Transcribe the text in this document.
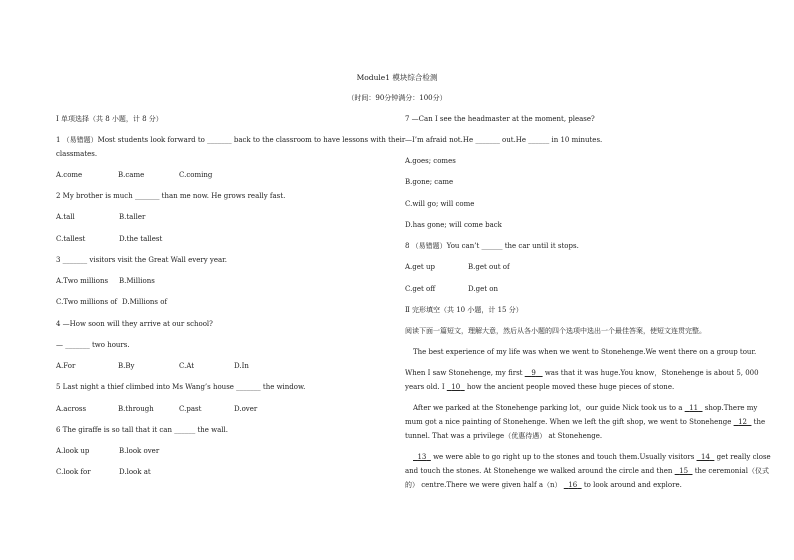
Module1 模块综合检测
（时间：90分钟满分：100分）
Ⅰ 单项选择（共 8 小题，计 8 分）
1 （易错题）Most students look forward to _______ back to the classroom to have lessons with their
classmates.
A.come	B.came	C.coming
2 My brother is much _______ than me now. He grows really fast.
A.tall	B.taller
C.tallest	D.the tallest
3 _______ visitors visit the Great Wall every year.
A.Two millions B.Millions
C.Two millions of D.Millions of
4 —How soon will they arrive at our school?
— _______ two hours.
A.For	B.By	C.At	D.In
5 Last night a thief climbed into Ms Wang’s house _______ the window.
A.across	B.through	C.past	D.over
6 The giraffe is so tall that it can ______ the wall.
A.look up	B.look over
C.look for	D.look at
7 —Can I see the headmaster at the moment, please?
—I’m afraid not.He _______ out.He ______ in 10 minutes.
A.goes; comes
B.gone; came
C.will go; will come
D.has gone; will come back
8 （易错题）You can’t ______ the car until it stops.
A.get up	B.get out of
C.get off	D.get on
Ⅱ 完形填空（共 10 小题，计 15 分）
阅读下面一篇短文，理解大意，然后从各小题的四个选项中选出一个最佳答案，使短文连贯完整。
The best experience of my life was when we went to Stonehenge.We went there on a group tour.
When I saw Stonehenge, my first 9 was that it was huge.You know，Stonehenge is about 5, 000
years old. I 10 how the ancient people moved these huge pieces of stone.
After we parked at the Stonehenge parking lot，our guide Nick took us to a 11 shop.There my
mum got a nice painting of Stonehenge. When we left the gift shop, we went to Stonehenge 12 the
tunnel. That was a privilege（优惠待遇） at Stonehenge.
13 we were able to go right up to the stones and touch them.Usually visitors 14 get really close
and touch the stones. At Stonehenge we walked around the circle and then 15 the ceremonial（仪式
的） centre.There we were given half a（n） 16 to look around and explore.
